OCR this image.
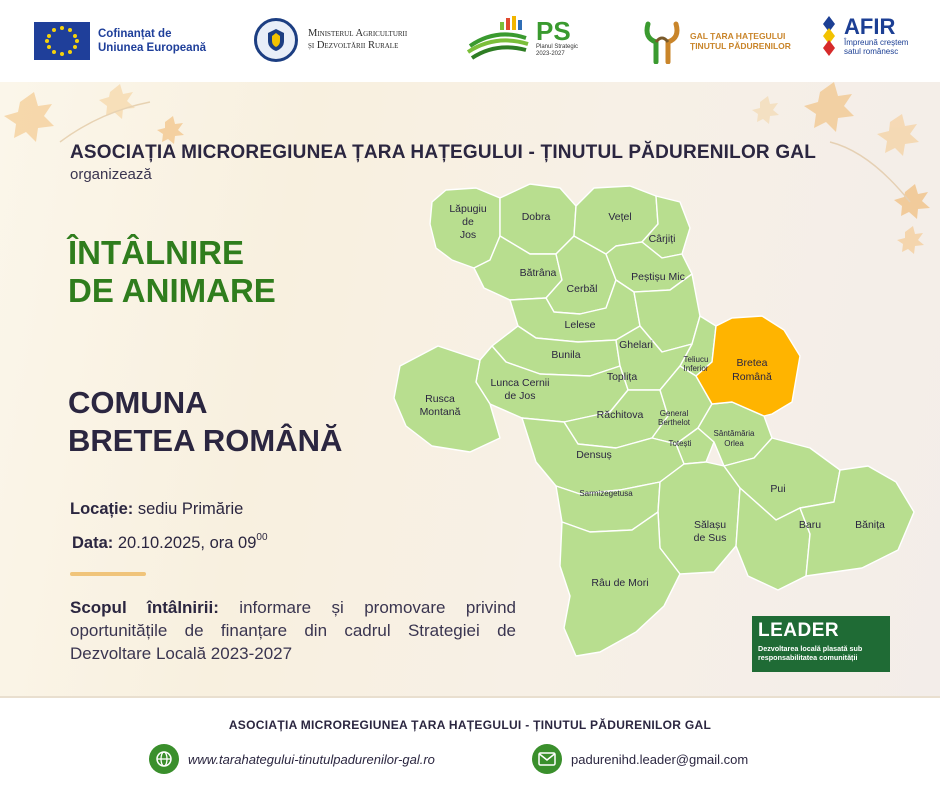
Cofinanțat de
Uniunea Europeană
Ministerul Agriculturii
și Dezvoltării Rurale	PS
Planul Strategic
2023-2027
GAL ȚARA HAȚEGULUI
ȚINUTUL PĂDURENILOR
AFIR
Împreună creștem
satul românesc
ASOCIAȚIA MICROREGIUNEA ȚARA HAȚEGULUI - ȚINUTUL PĂDURENILOR GAL
organizează
ÎNTÂLNIRE
DE ANIMARE
COMUNA
BRETEA ROMÂNĂ
Locație: sediu Primărie
Data: 20.10.2025, ora $09^{00}$
Scopul întâlnirii: informare și promovare privind oportunitățile de finanțare din cadrul Strategiei de Dezvoltare Locală 2023-2027
Lăpugiu
de
Jos
Dobra	Vețel
Cârjiți
Bătrâna	Peștișu Mic
Cerbăl
Lelese
Ghelari
Bunila	Teliucu
Inferior	Bretea
Română
Lunca Cernii
de Jos
Toplița
Rusca
Montană	Răchitova General
Berthelot
Totești
Sântămăria
Orlea
Densuș
Pui
Sarmizegetusa
Sălașu
de Sus
Baru	Bănița
Râu de Mori
LEADER
Dezvoltarea locală plasată sub responsabilitatea comunității
ASOCIAȚIA MICROREGIUNEA ȚARA HAȚEGULUI - ȚINUTUL PĂDURENILOR GAL
www.tarahategului-tinutulpadurenilor-gal.ro	padurenihd.leader@gmail.com
